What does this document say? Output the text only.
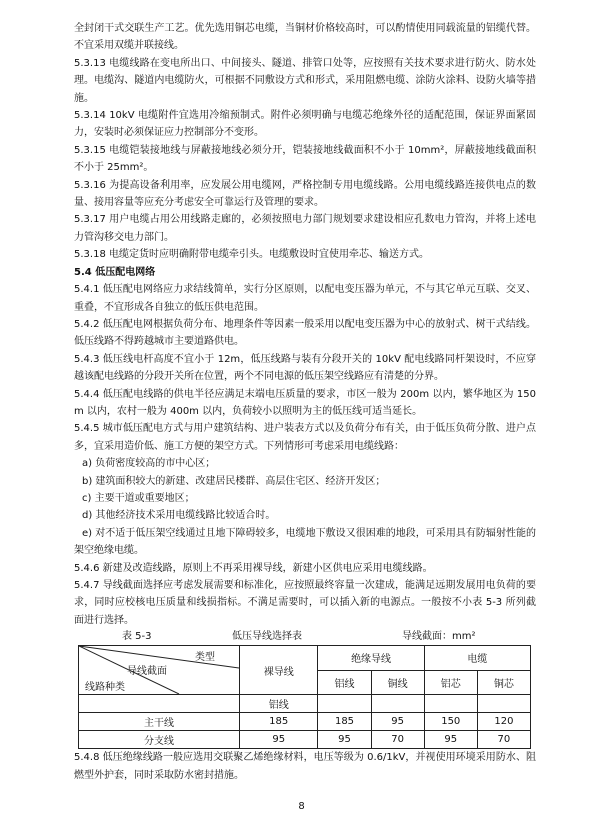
全封闭干式交联生产工艺。优先选用铜芯电缆，当铜材价格较高时，可以酌情使用同载流量的铝缆代替。不宜采用双缆并联接线。

5.3.13 电缆线路在变电所出口、中间接头、隧道、排管口处等，应按照有关技术要求进行防火、防水处理。电缆沟、隧道内电缆防火，可根据不同敷设方式和形式，采用阻燃电缆、涂防火涂料、设防火墙等措施。

5.3.14 10kV 电缆附件宜选用冷缩预制式。附件必须明确与电缆芯绝缘外径的适配范围，保证界面紧固力，安装时必须保证应力控制部分不变形。

5.3.15 电缆铠装接地线与屏蔽接地线必须分开，铠装接地线截面积不小于 10mm²，屏蔽接地线截面积不小于 25mm²。

5.3.16 为提高设备利用率，应发展公用电缆网，严格控制专用电缆线路。公用电缆线路连接供电点的数量、接用容量等应充分考虑安全可靠运行及管理的要求。

5.3.17 用户电缆占用公用线路走廊的，必须按照电力部门规划要求建设相应孔数电力管沟，并将上述电力管沟移交电力部门。

5.3.18 电缆定货时应明确附带电缆牵引头。电缆敷设时宜使用牵芯、输送方式。

5.4 低压配电网络

5.4.1 低压配电网络应力求结线简单，实行分区原则，以配电变压器为单元，不与其它单元互联、交叉、重叠，不宜形成各自独立的低压供电范围。

5.4.2 低压配电网根据负荷分布、地理条件等因素一般采用以配电变压器为中心的放射式、树干式结线。低压线路不得跨越城市主要道路供电。

5.4.3 低压线电杆高度不宜小于 12m，低压线路与装有分段开关的 10kV 配电线路同杆架设时，不应穿越该配电线路的分段开关所在位置，两个不同电源的低压架空线路应有清楚的分界。

5.4.4 低压配电线路的供电半径应满足末端电压质量的要求，市区一般为 200m 以内，繁华地区为 150m 以内，农村一般为 400m 以内，负荷较小以照明为主的低压线可适当延长。

5.4.5 城市低压配电方式与用户建筑结构、进户装表方式以及负荷分布有关，由于低压负荷分散、进户点多，宜采用造价低、施工方便的架空方式。下列情形可考虑采用电缆线路：

a) 负荷密度较高的市中心区；

b) 建筑面积较大的新建、改建居民楼群、高层住宅区、经济开发区；

c) 主要干道或重要地区；

d) 其他经济技术采用电缆线路比较适合时。

e) 对不适于低压架空线通过且地下障碍较多，电缆地下敷设又很困难的地段，可采用具有防辐射性能的架空绝缘电缆。

5.4.6 新建及改造线路，原则上不再采用裸导线，新建小区供电应采用电缆线路。

5.4.7 导线截面选择应考虑发展需要和标准化，应按照最终容量一次建成，能满足远期发展用电负荷的要求，同时应校核电压质量和线损指标。不满足需要时，可以插入新的电源点。一般按不小表 5-3 所列截面进行选择。

表 5-3	低压导线选择表	导线截面：mm²
类型
导线截面
线路种类	裸导线	绝缘导线		电缆	
		铝线	铜线	铝芯	铜芯
	铝线				
主干线	185	185	95	150	120
分支线	95	95	70	95	70

5.4.8 低压绝缘线路一般应选用交联聚乙烯绝缘材料，电压等级为 0.6/1kV，并视使用环境采用防水、阻燃型外护套，同时采取防水密封措施。

8
